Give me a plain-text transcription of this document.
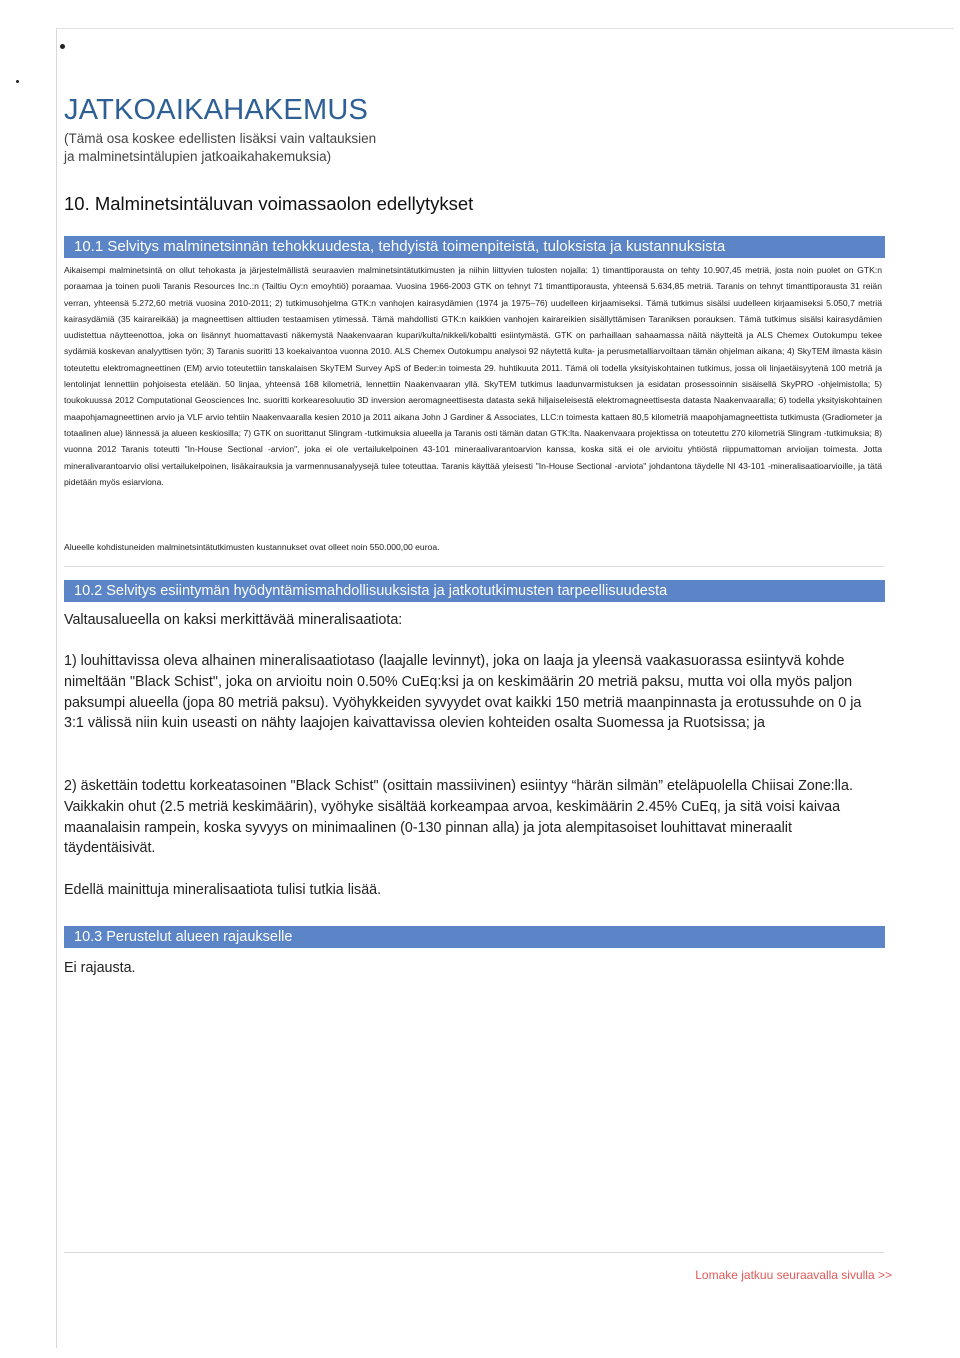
JATKOAIKAHAKEMUS

(Tämä osa koskee edellisten lisäksi vain valtauksien
ja malminetsintälupien jatkoaikahakemuksia)

10. Malminetsintäluvan voimassaolon edellytykset
10.1 Selvitys malminetsinnän tehokkuudesta, tehdyistä toimenpiteistä, tuloksista ja kustannuksista

Aikaisempi malminetsintä on ollut tehokasta ja järjestelmällistä seuraavien malminetsintätutkimusten ja niihin liittyvien tulosten nojalla: 1) timanttiporausta on tehty 10.907,45 metriä, josta noin puolet on GTK:n poraamaa ja toinen puoli Taranis Resources Inc.:n (Tailtiu Oy:n emoyhtiö) poraamaa. Vuosina 1966-2003 GTK on tehnyt 71 timanttiporausta, yhteensä 5.634,85 metriä. Taranis on tehnyt timanttiporausta 31 reiän verran, yhteensä 5.272,60 metriä vuosina 2010-2011; 2) tutkimusohjelma GTK:n vanhojen kairasydämien (1974 ja 1975–76) uudelleen kirjaamiseksi. Tämä tutkimus sisälsi uudelleen kirjaamiseksi 5.050,7 metriä kairasydämiä (35 kairareikää) ja magneettisen alttiuden testaamisen ytimessä. Tämä mahdollisti GTK:n kaikkien vanhojen kairareikien sisällyttämisen Taraniksen porauksen. Tämä tutkimus sisälsi kairasydämien uudistettua näytteenottoa, joka on lisännyt huomattavasti näkemystä Naakenvaaran kupari/kulta/nikkeli/kobaltti esiintymästä. GTK on parhaillaan sahaamassa näitä näytteitä ja ALS Chemex Outokumpu tekee sydämiä koskevan analyyttisen työn; 3) Taranis suoritti 13 koekaivantoa vuonna 2010. ALS Chemex Outokumpu analysoi 92 näytettä kulta- ja perusmetalliarvoiltaan tämän ohjelman aikana; 4) SkyTEM ilmasta käsin toteutettu elektromagneettinen (EM) arvio toteutettiin tanskalaisen SkyTEM Survey ApS of Beder:in toimesta 29. huhtikuuta 2011. Tämä oli todella yksityiskohtainen tutkimus, jossa oli linjaetäisyytenä 100 metriä ja lentolinjat lennettiin pohjoisesta etelään. 50 linjaa, yhteensä 168 kilometriä, lennettiin Naakenvaaran yllä. SkyTEM tutkimus laadunvarmistuksen ja esidatan prosessoinnin sisäisellä SkyPRO -ohjelmistolla; 5) toukokuussa 2012 Computational Geosciences Inc. suoritti korkearesoluutio 3D inversion aeromagneettisesta datasta sekä hiljaiseleisestä elektromagneettisesta datasta Naakenvaaralla; 6) todella yksityiskohtainen maapohjamagneettinen arvio ja VLF arvio tehtiin Naakenvaaralla kesien 2010 ja 2011 aikana John J Gardiner & Associates, LLC:n toimesta kattaen 80,5 kilometriä maapohjamagneettista tutkimusta (Gradiometer ja totaalinen alue) lännessä ja alueen keskiosilla; 7) GTK on suorittanut Slingram -tutkimuksia alueella ja Taranis osti tämän datan GTK:lta. Naakenvaara projektissa on toteutettu 270 kilometriä Slingram -tutkimuksia; 8) vuonna 2012 Taranis toteutti "In-House Sectional -arvion", joka ei ole vertailukelpoinen 43-101 mineraalivarantoarvion kanssa, koska sitä ei ole arvioitu yhtiöstä riippumattoman arvioijan toimesta. Jotta mineralivarantoarvio olisi vertailukelpoinen, lisäkairauksia ja varmennusanalyysejä tulee toteuttaa. Taranis käyttää yleisesti "In-House Sectional -arviota" johdantona täydelle NI 43-101 -mineralisaatioarvioille, ja tätä pidetään myös esiarviona.

Alueelle kohdistuneiden malminetsintätutkimusten kustannukset ovat olleet noin 550.000,00 euroa.

10.2 Selvitys esiintymän hyödyntämismahdollisuuksista ja jatkotutkimusten tarpeellisuudesta

Valtausalueella on kaksi merkittävää mineralisaatiota:

1) louhittavissa oleva alhainen mineralisaatiotaso (laajalle levinnyt), joka on laaja ja yleensä vaakasuorassa esiintyvä kohde nimeltään "Black Schist", joka on arvioitu noin 0.50% CuEq:ksi ja on keskimäärin 20 metriä paksu, mutta voi olla myös paljon paksumpi alueella (jopa 80 metriä paksu). Vyöhykkeiden syvyydet ovat kaikki 150 metriä maanpinnasta ja erotussuhde on 0 ja 3:1 välissä niin kuin useasti on nähty laajojen kaivattavissa olevien kohteiden osalta Suomessa ja Ruotsissa; ja

2) äskettäin todettu korkeatasoinen "Black Schist" (osittain massiivinen) esiintyy “härän silmän” eteläpuolella Chiisai Zone:lla. Vaikkakin ohut (2.5 metriä keskimäärin), vyöhyke sisältää korkeampaa arvoa, keskimäärin 2.45% CuEq, ja sitä voisi kaivaa maanalaisin rampein, koska syvyys on minimaalinen (0-130 pinnan alla) ja jota alempitasoiset louhittavat mineraalit täydentäisivät.

Edellä mainittuja mineralisaatiota tulisi tutkia lisää.

10.3 Perustelut alueen rajaukselle

Ei rajausta.

Lomake jatkuu seuraavalla sivulla >>
